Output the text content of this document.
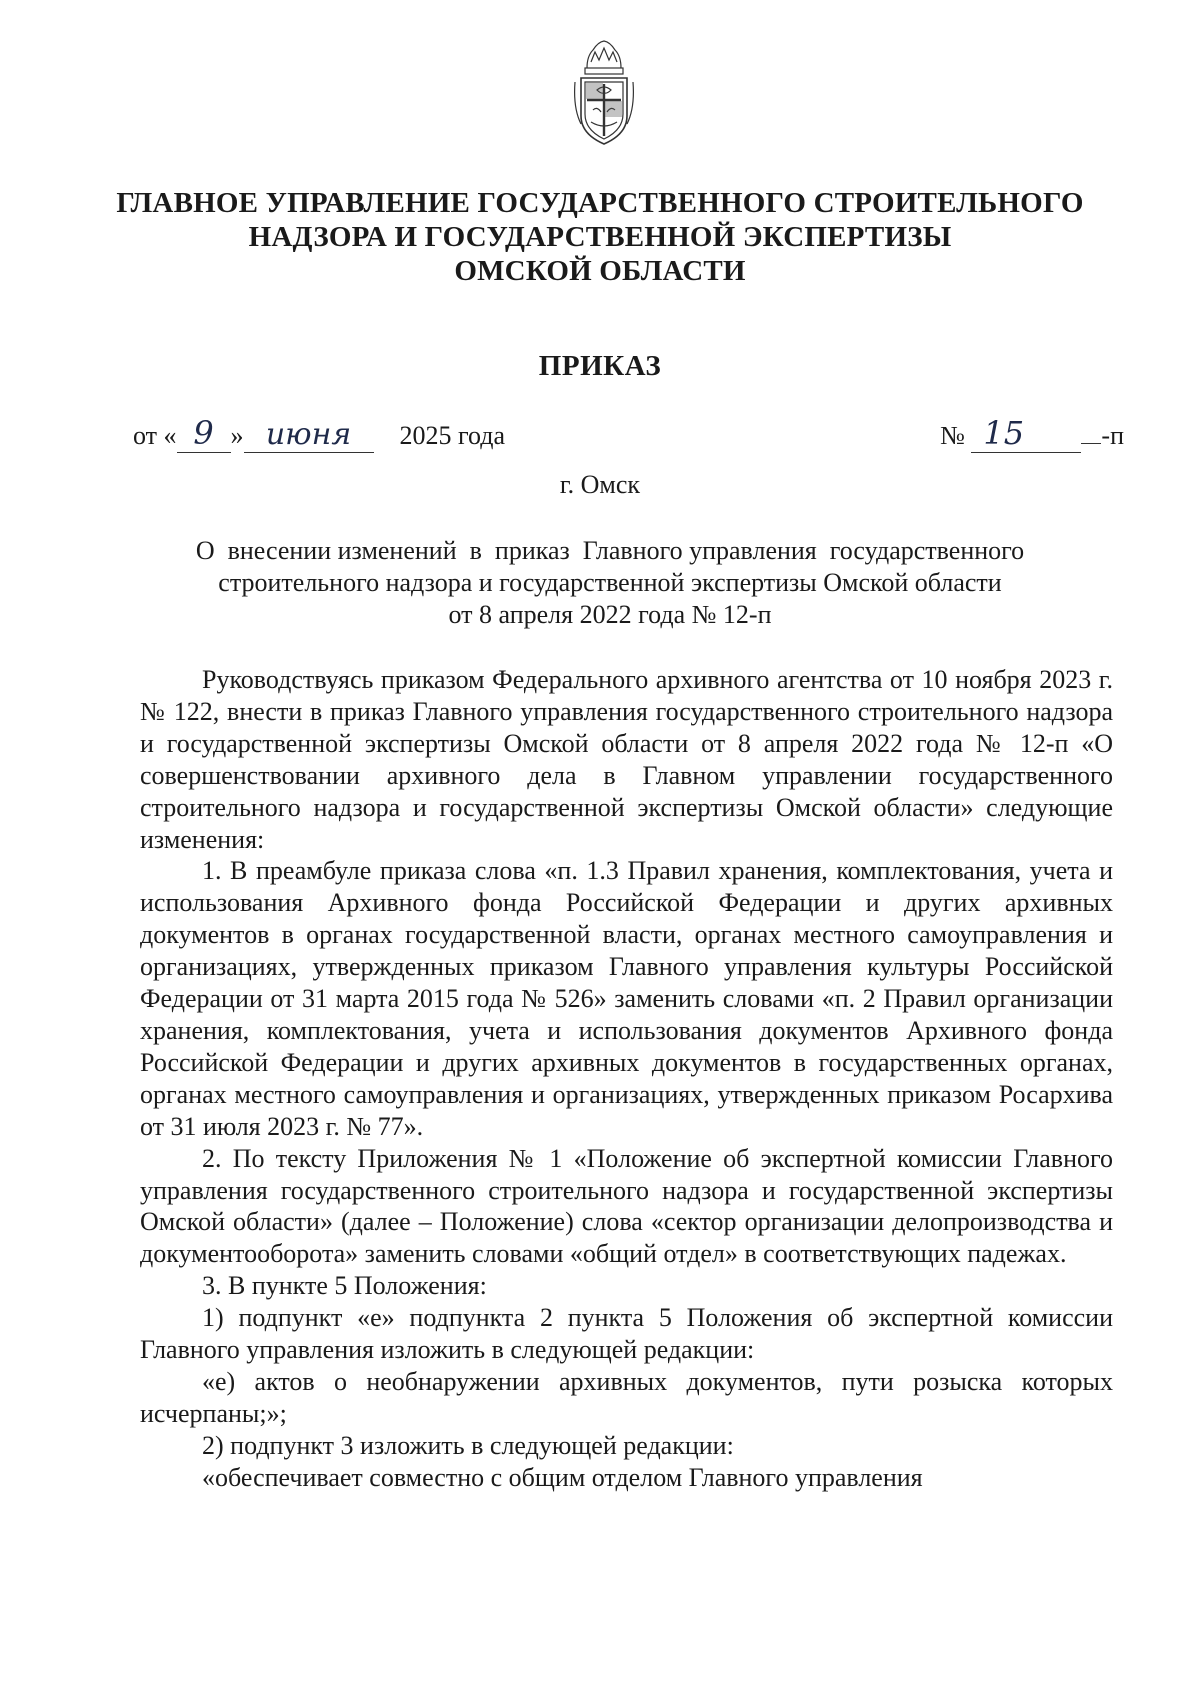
ГЛАВНОЕ УПРАВЛЕНИЕ ГОСУДАРСТВЕННОГО СТРОИТЕЛЬНОГО
НАДЗОРА И ГОСУДАРСТВЕННОЙ ЭКСПЕРТИЗЫ
ОМСКОЙ ОБЛАСТИ
ПРИКАЗ
от « 9 » июня 2025 года	№ 15	-п
г. Омск
О  внесении изменений  в  приказ  Главного управления  государственного
строительного надзора и государственной экспертизы Омской области
от 8 апреля 2022 года № 12-п

Руководствуясь приказом Федерального архивного агентства от 10 ноября 2023 г. № 122, внести в приказ Главного управления государственного строительного надзора и государственной экспертизы Омской области от 8 апреля 2022 года № 12-п «О совершенствовании архивного дела в Главном управлении государственного строительного надзора и государственной экспертизы Омской области» следующие изменения:

1. В преамбуле приказа слова «п. 1.3 Правил хранения, комплектования, учета и использования Архивного фонда Российской Федерации и других архивных документов в органах государственной власти, органах местного самоуправления и организациях, утвержденных приказом Главного управления культуры Российской Федерации от 31 марта 2015 года № 526» заменить словами «п. 2 Правил организации хранения, комплектования, учета и использования документов Архивного фонда Российской Федерации и других архивных документов в государственных органах, органах местного самоуправления и организациях, утвержденных приказом Росархива от 31 июля 2023 г. № 77».

2. По тексту Приложения № 1 «Положение об экспертной комиссии Главного управления государственного строительного надзора и государственной экспертизы Омской области» (далее – Положение) слова «сектор организации делопроизводства и документооборота» заменить словами «общий отдел» в соответствующих падежах.

3. В пункте 5 Положения:

1) подпункт «е» подпункта 2 пункта 5 Положения об экспертной комиссии Главного управления изложить в следующей редакции:

«е) актов о необнаружении архивных документов, пути розыска которых исчерпаны;»;

2) подпункт 3 изложить в следующей редакции:

«обеспечивает совместно с общим отделом Главного управления
